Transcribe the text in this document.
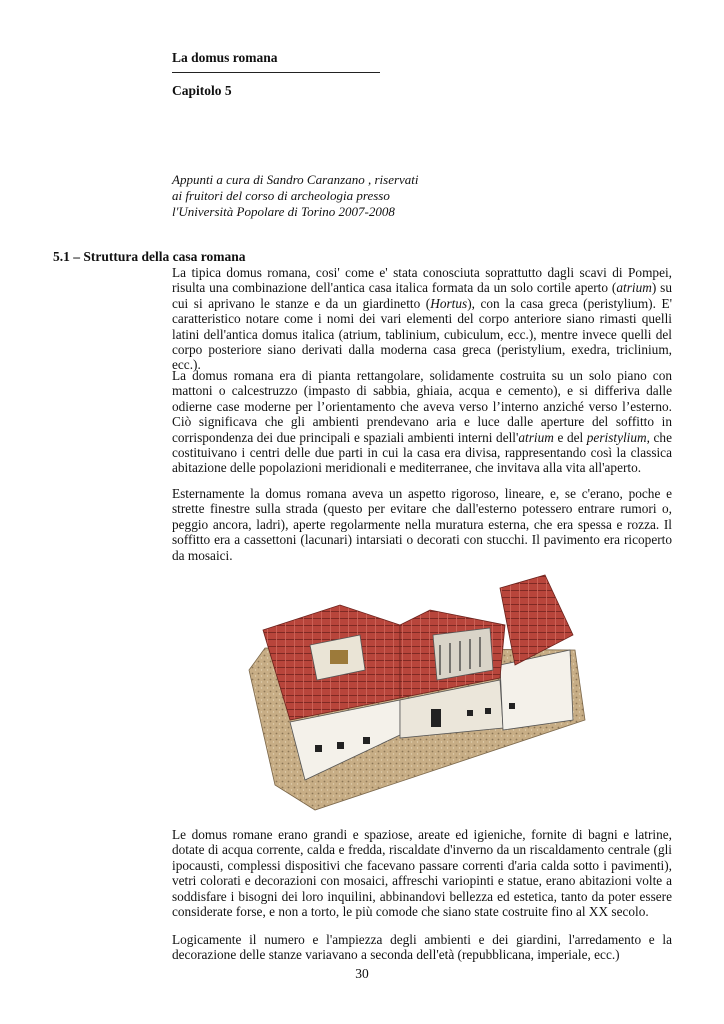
La domus romana
Capitolo 5
Appunti a cura di Sandro Caranzano , riservati
ai fruitori del corso di archeologia presso
l'Università Popolare di Torino 2007-2008
5.1 – Struttura della casa romana

La tipica domus romana, cosi' come e' stata conosciuta soprattutto dagli scavi di Pompei, risulta una combinazione dell'antica casa italica formata da un solo cortile aperto (atrium) su cui si aprivano le stanze e da un giardinetto (Hortus), con la casa greca (peristylium). E' caratteristico notare come i nomi dei vari elementi del corpo anteriore siano rimasti quelli latini dell'antica domus italica (atrium, tablinium, cubiculum, ecc.), mentre invece quelli del corpo posteriore siano derivati dalla moderna casa greca (peristylium, exedra, triclinium, ecc.).

La domus romana era di pianta rettangolare, solidamente costruita su un solo piano con mattoni o calcestruzzo (impasto di sabbia, ghiaia, acqua e cemento), e si differiva dalle odierne case moderne per l’orientamento che aveva verso l’interno anziché verso l’esterno. Ciò significava che gli ambienti prendevano aria e luce dalle aperture del soffitto in corrispondenza dei due principali e spaziali ambienti interni dell'atrium e del peristylium, che costituivano i centri delle due parti in cui la casa era divisa, rappresentando così la classica abitazione delle popolazioni meridionali e mediterranee, che invitava alla vita all'aperto.

Esternamente la domus romana aveva un aspetto rigoroso, lineare, e, se c'erano, poche e strette finestre sulla strada (questo per evitare che dall'esterno potessero entrare rumori o, peggio ancora, ladri), aperte regolarmente nella muratura esterna, che era spessa e rozza. Il soffitto era a cassettoni (lacunari) intarsiati o decorati con stucchi. Il pavimento era ricoperto da mosaici.

Le domus romane erano grandi e spaziose, areate ed igieniche, fornite di bagni e latrine, dotate di acqua corrente, calda e fredda, riscaldate d'inverno da un riscaldamento centrale (gli ipocausti, complessi dispositivi che facevano passare correnti d'aria calda sotto i pavimenti), vetri colorati e decorazioni con mosaici, affreschi variopinti e statue, erano abitazioni volte a soddisfare i bisogni dei loro inquilini, abbinandovi bellezza ed estetica, tanto da poter essere considerate forse, e non a torto, le più comode che siano state costruite fino al XX secolo.

Logicamente il numero e l'ampiezza degli ambienti e dei giardini, l'arredamento e la decorazione delle stanze variavano a seconda dell'età (repubblicana, imperiale, ecc.)

30
